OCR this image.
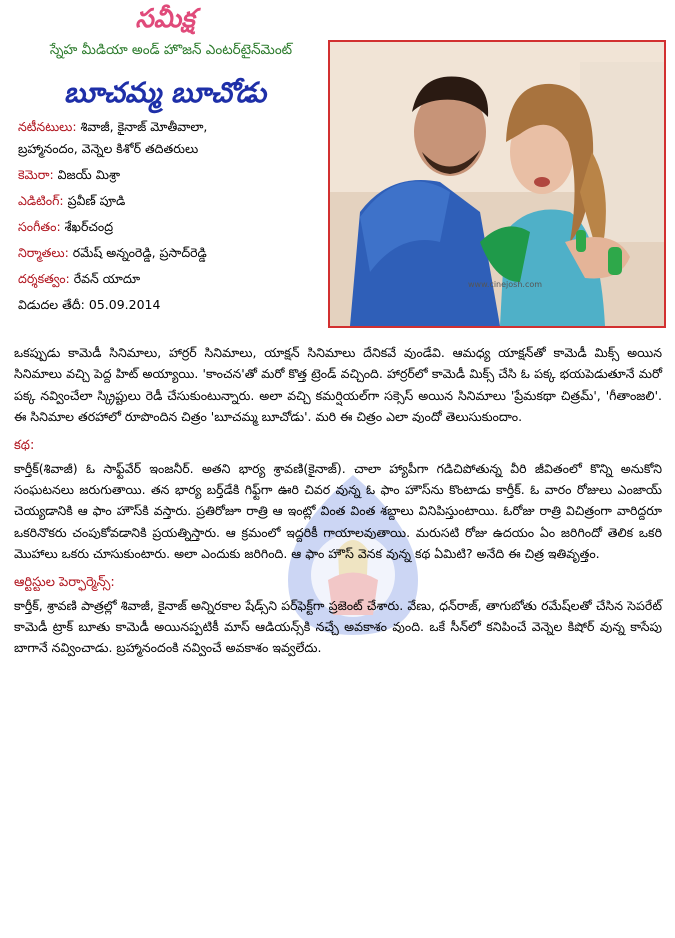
సమీక్ష
స్నేహ మీడియా అండ్ హొజన్ ఎంటర్‌టైన్‌మెంట్
బూచమ్మ బూచోడు
నటీనటులు: శివాజీ, కైనాజ్ మోతీవాలా,
బ్రహ్మానందం, వెన్నెల కిశోర్ తదితరులు
కెమెరా: విజయ్ మిశ్రా
ఎడిటింగ్: ప్రవీణ్ పూడి
సంగీతం: శేఖర్‌చంద్ర
నిర్మాతలు: రమేష్ అన్నంరెడ్డి, ప్రసాద్‌రెడ్డి
దర్శకత్వం: రేవన్ యాదూ
విడుదల తేదీ: 05.09.2014
www.cinejosh.com

ఒకప్పుడు కామెడీ సినిమాలు, హార్రర్ సినిమాలు, యాక్షన్ సినిమాలు దేనికవే వుండేవి. ఆమధ్య యాక్షన్‌తో కామెడీ మిక్స్ అయిన సినిమాలు వచ్చి పెద్ద హిట్ అయ్యాయి. 'కాంచన'తో మరో కొత్త ట్రెండ్ వచ్చింది. హార్రర్‌లో కామెడీ మిక్స్ చేసి ఓ పక్క భయపెడుతూనే మరో పక్క నవ్వించేలా స్క్రిప్టులు రెడీ చేసుకుంటున్నారు. అలా వచ్చి కమర్షియల్‌గా సక్సెస్ అయిన సినిమాలు 'ప్రేమకథా చిత్రమ్', 'గీతాంజలి'. ఈ సినిమాల తరహాలో రూపొందిన చిత్రం 'బూచమ్మ బూచోడు'. మరి ఈ చిత్రం ఎలా వుందో తెలుసుకుందాం.

కథ:

కార్తీక్(శివాజీ) ఓ సాఫ్ట్‌వేర్ ఇంజనీర్. అతని భార్య శ్రావణి(కైనాజ్). చాలా హ్యాపీగా గడిచిపోతున్న వీరి జీవితంలో కొన్ని అనుకోని సంఘటనలు జరుగుతాయి. తన భార్య బర్త్‌డేకి గిఫ్ట్‌గా ఊరి చివర వున్న ఓ ఫాం హౌస్‌ను కొంటాడు కార్తీక్. ఓ వారం రోజులు ఎంజాయ్ చెయ్యడానికి ఆ ఫాం హౌస్‌కి వస్తారు. ప్రతిరోజూ రాత్రి ఆ ఇంట్లో వింత వింత శబ్దాలు వినిపిస్తుంటాయి. ఓరోజు రాత్రి విచిత్రంగా వారిద్దరూ ఒకరినొకరు చంపుకోవడానికి ప్రయత్నిస్తారు. ఆ క్రమంలో ఇద్దరికీ గాయాలవుతాయి. మరుసటి రోజు ఉదయం ఏం జరిగిందో తెలిక ఒకరి మొహాలు ఒకరు చూసుకుంటారు. అలా ఎందుకు జరిగింది. ఆ ఫాం హౌస్ వెనక వున్న కథ ఏమిటి? అనేది ఈ చిత్ర ఇతివృత్తం.

ఆర్టిస్టుల పెర్ఫార్మెన్స్:

కార్తీక్, శ్రావణి పాత్రల్లో శివాజీ, కైనాజ్ అన్నిరకాల షేడ్స్‌ని పర్‌ఫెక్ట్‌గా ప్రజెంట్ చేశారు. వేణు, ధన్‌రాజ్, తాగుబోతు రమేష్‌లతో చేసిన సెపరేట్ కామెడీ ట్రాక్ బూతు కామెడీ అయినప్పటికీ మాస్ ఆడియన్స్‌కి నచ్చే అవకాశం వుంది. ఒకే సీన్‌లో కనిపించే వెన్నెల కిషోర్ వున్న కాసేపు బాగానే నవ్వించాడు. బ్రహ్మానందంకి నవ్వించే అవకాశం ఇవ్వలేదు.
